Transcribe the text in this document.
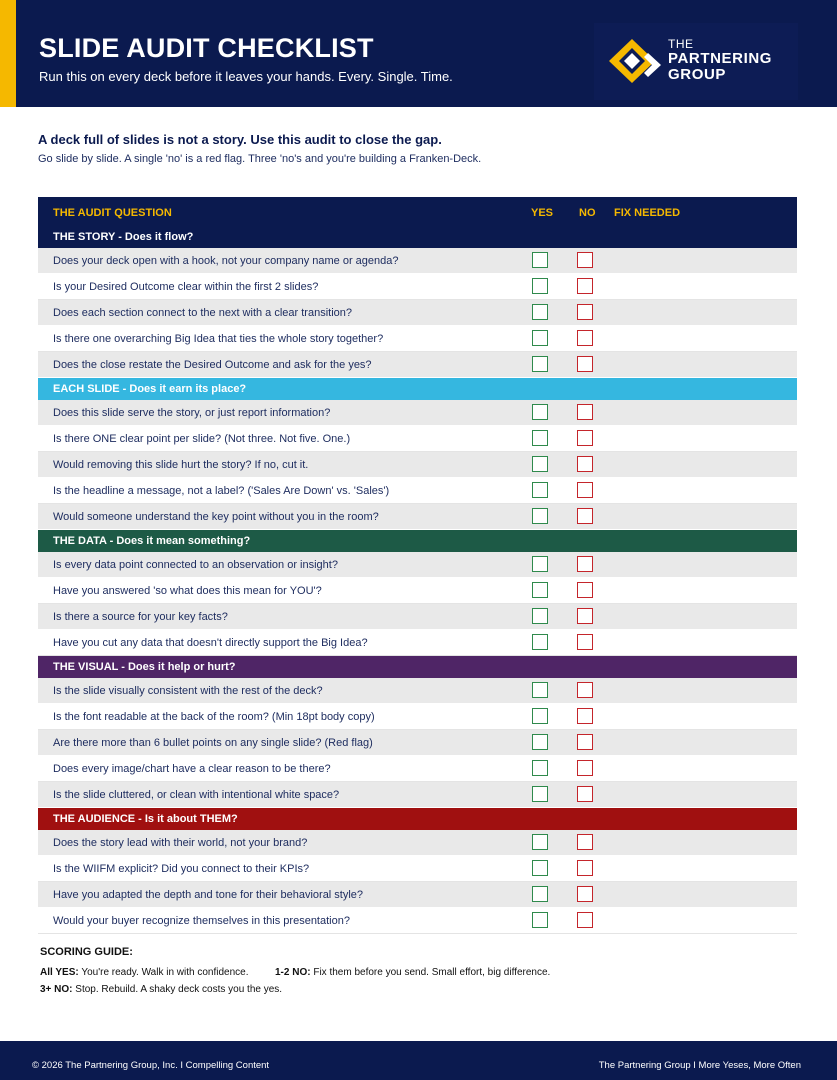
SLIDE AUDIT CHECKLIST
Run this on every deck before it leaves your hands. Every. Single. Time.
THE
PARTNERING
GROUP
A deck full of slides is not a story. Use this audit to close the gap.
Go slide by slide. A single 'no' is a red flag. Three 'no's and you're building a Franken-Deck.
THE AUDIT QUESTION	YES NO FIX NEEDED
THE STORY - Does it flow?
Does your deck open with a hook, not your company name or agenda?
Is your Desired Outcome clear within the first 2 slides?
Does each section connect to the next with a clear transition?
Is there one overarching Big Idea that ties the whole story together?
Does the close restate the Desired Outcome and ask for the yes?
EACH SLIDE - Does it earn its place?
Does this slide serve the story, or just report information?
Is there ONE clear point per slide? (Not three. Not five. One.)
Would removing this slide hurt the story? If no, cut it.
Is the headline a message, not a label? ('Sales Are Down' vs. 'Sales')
Would someone understand the key point without you in the room?
THE DATA - Does it mean something?
Is every data point connected to an observation or insight?
Have you answered 'so what does this mean for YOU'?
Is there a source for your key facts?
Have you cut any data that doesn't directly support the Big Idea?
THE VISUAL - Does it help or hurt?
Is the slide visually consistent with the rest of the deck?
Is the font readable at the back of the room? (Min 18pt body copy)
Are there more than 6 bullet points on any single slide? (Red flag)
Does every image/chart have a clear reason to be there?
Is the slide cluttered, or clean with intentional white space?
THE AUDIENCE - Is it about THEM?
Does the story lead with their world, not your brand?
Is the WIIFM explicit? Did you connect to their KPIs?
Have you adapted the depth and tone for their behavioral style?
Would your buyer recognize themselves in this presentation?
SCORING GUIDE:
All YES: You're ready. Walk in with confidence.	1-2 NO: Fix them before you send. Small effort, big difference.
3+ NO: Stop. Rebuild. A shaky deck costs you the yes.
© 2026 The Partnering Group, Inc. I Compelling Content	The Partnering Group I More Yeses, More Often
